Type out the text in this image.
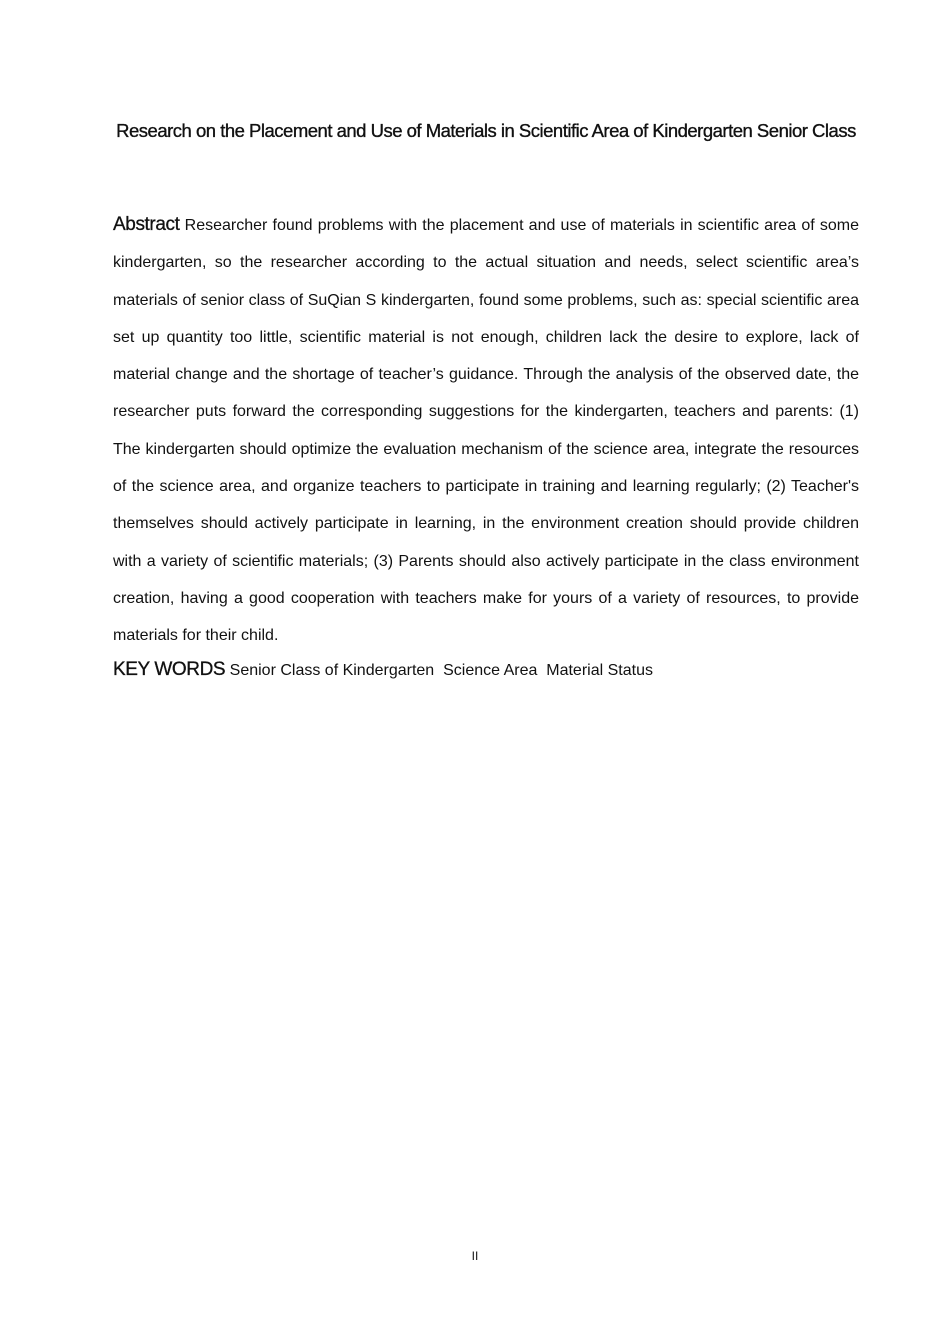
Research on the Placement and Use of Materials in Scientific Area of Kindergarten Senior Class

Abstract Researcher found problems with the placement and use of materials in scientific area of some kindergarten, so the researcher according to the actual situation and needs, select scientific area’s materials of senior class of SuQian S kindergarten, found some problems, such as: special scientific area set up quantity too little, scientific material is not enough, children lack the desire to explore, lack of material change and the shortage of teacher’s guidance. Through the analysis of the observed date, the researcher puts forward the corresponding suggestions for the kindergarten, teachers and parents: (1) The kindergarten should optimize the evaluation mechanism of the science area, integrate the resources of the science area, and organize teachers to participate in training and learning regularly; (2) Teacher's themselves should actively participate in learning, in the environment creation should provide children with a variety of scientific materials; (3) Parents should also actively participate in the class environment creation, having a good cooperation with teachers make for yours of a variety of resources, to provide materials for their child.

KEY WORDS Senior Class of Kindergarten  Science Area  Material Status

II
